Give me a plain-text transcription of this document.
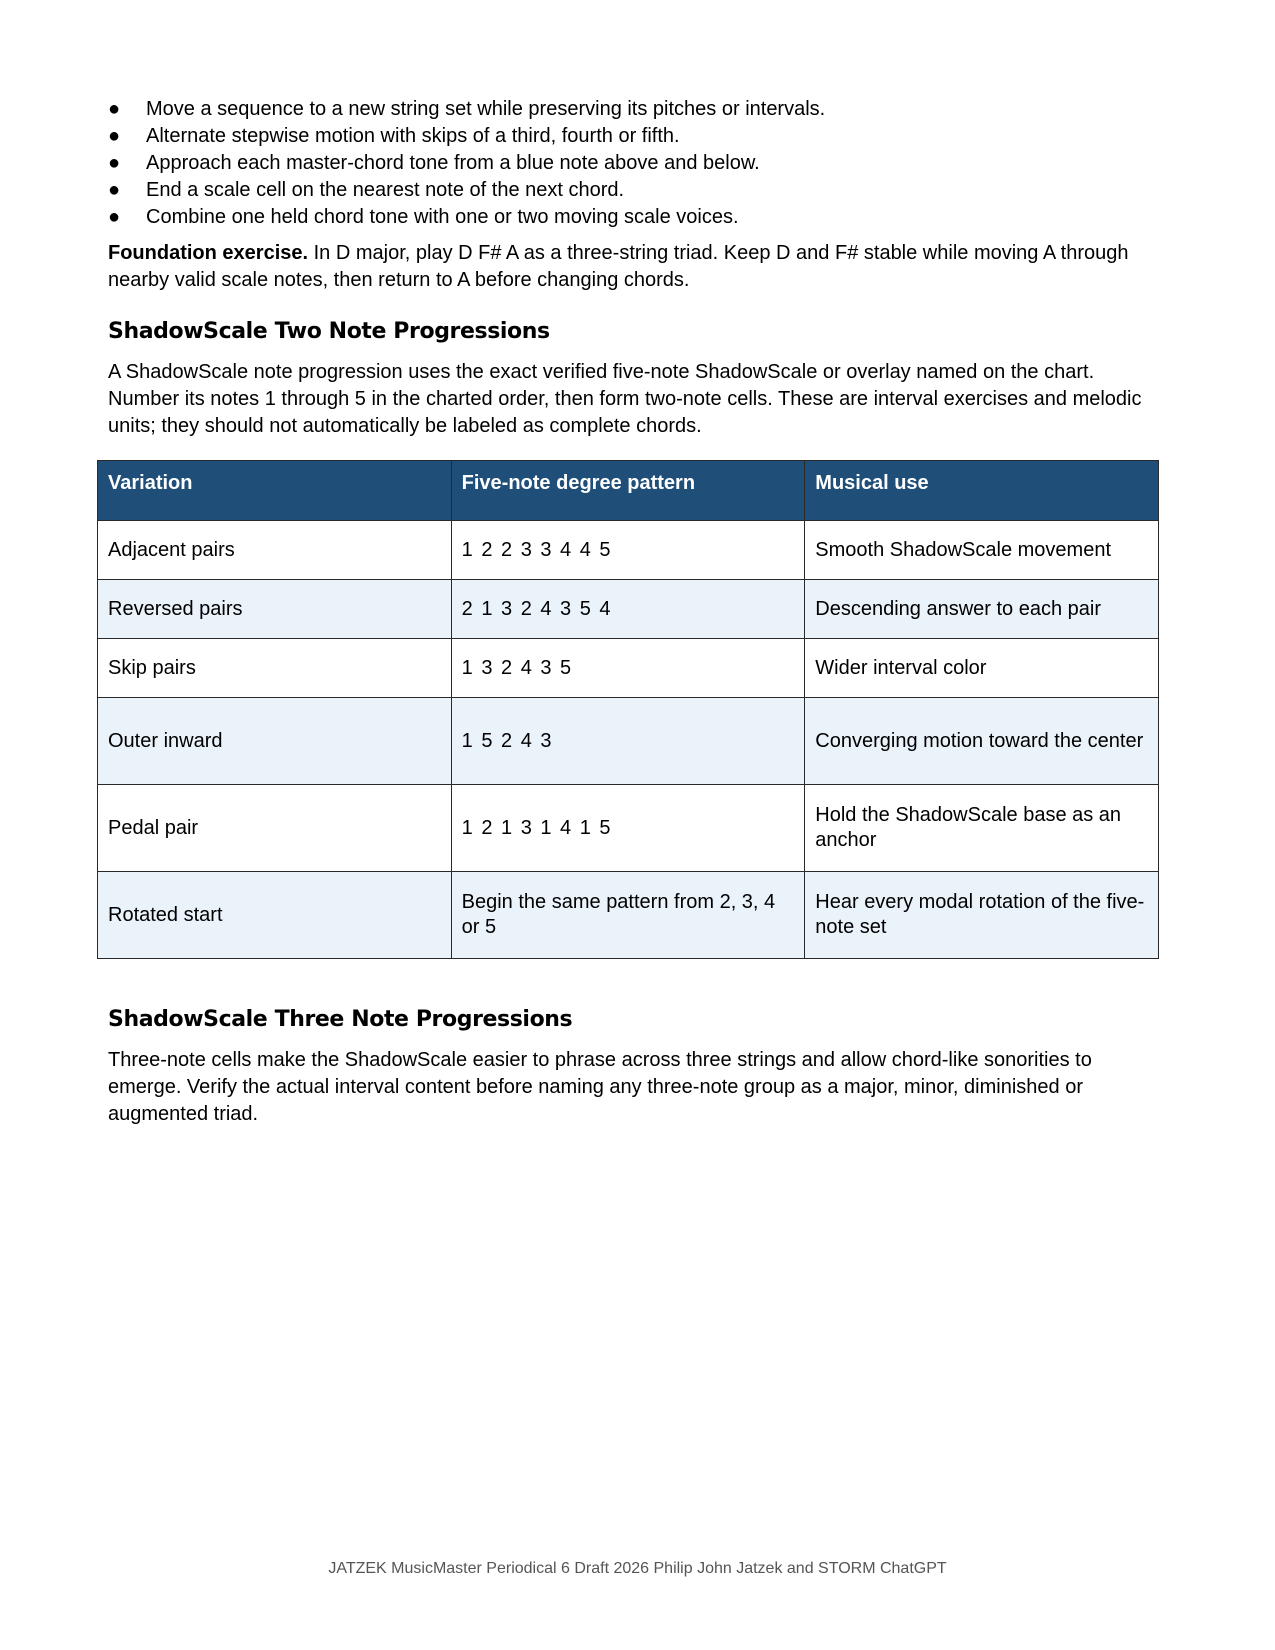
● Move a sequence to a new string set while preserving its pitches or intervals.
● Alternate stepwise motion with skips of a third, fourth or fifth.
● Approach each master-chord tone from a blue note above and below.
● End a scale cell on the nearest note of the next chord.
● Combine one held chord tone with one or two moving scale voices.

Foundation exercise. In D major, play D F# A as a three-string triad. Keep D and F# stable while moving A through nearby valid scale notes, then return to A before changing chords.

ShadowScale Two Note Progressions

A ShadowScale note progression uses the exact verified five-note ShadowScale or overlay named on the chart. Number its notes 1 through 5 in the charted order, then form two-note cells. These are interval exercises and melodic units; they should not automatically be labeled as complete chords.

Variation	Five-note degree pattern	Musical use
Adjacent pairs	1 2 2 3 3 4 4 5	Smooth ShadowScale movement
Reversed pairs	2 1 3 2 4 3 5 4	Descending answer to each pair
Skip pairs	1 3 2 4 3 5	Wider interval color
Outer inward	1 5 2 4 3	Converging motion toward the center
Pedal pair	1 2 1 3 1 4 1 5	Hold the ShadowScale base as an anchor
Rotated start	Begin the same pattern from 2, 3, 4 or 5	Hear every modal rotation of the five-note set
ShadowScale Three Note Progressions

Three-note cells make the ShadowScale easier to phrase across three strings and allow chord-like sonorities to emerge. Verify the actual interval content before naming any three-note group as a major, minor, diminished or augmented triad.

JATZEK MusicMaster Periodical 6 Draft 2026 Philip John Jatzek and STORM ChatGPT
